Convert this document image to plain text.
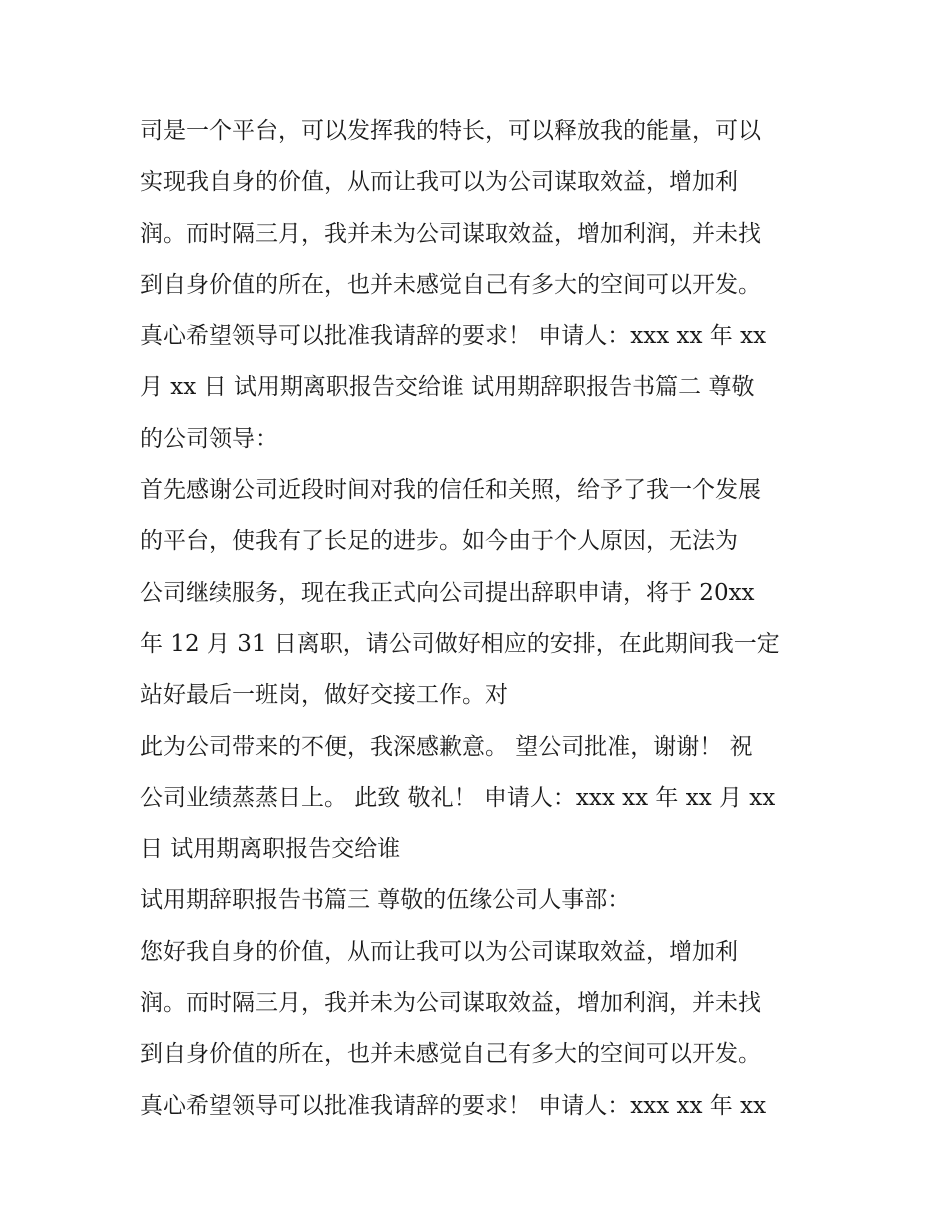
司是一个平台，可以发挥我的特长，可以释放我的能量，可以
实现我自身的价值，从而让我可以为公司谋取效益，增加利
润。而时隔三月，我并未为公司谋取效益，增加利润，并未找
到自身价值的所在，也并未感觉自己有多大的空间可以开发。
真心希望领导可以批准我请辞的要求！ 申请人：xxx xx 年 xx
月 xx 日 试用期离职报告交给谁 试用期辞职报告书篇二 尊敬
的公司领导：
首先感谢公司近段时间对我的信任和关照，给予了我一个发展
的平台，使我有了长足的进步。如今由于个人原因，无法为
公司继续服务，现在我正式向公司提出辞职申请，将于 20xx
年 12 月 31 日离职，请公司做好相应的安排，在此期间我一定
站好最后一班岗，做好交接工作。对
此为公司带来的不便，我深感歉意。 望公司批准，谢谢！ 祝
公司业绩蒸蒸日上。 此致 敬礼！ 申请人：xxx xx 年 xx 月 xx
日 试用期离职报告交给谁
试用期辞职报告书篇三 尊敬的伍缘公司人事部：
您好我自身的价值，从而让我可以为公司谋取效益，增加利
润。而时隔三月，我并未为公司谋取效益，增加利润，并未找
到自身价值的所在，也并未感觉自己有多大的空间可以开发。
真心希望领导可以批准我请辞的要求！ 申请人：xxx xx 年 xx
